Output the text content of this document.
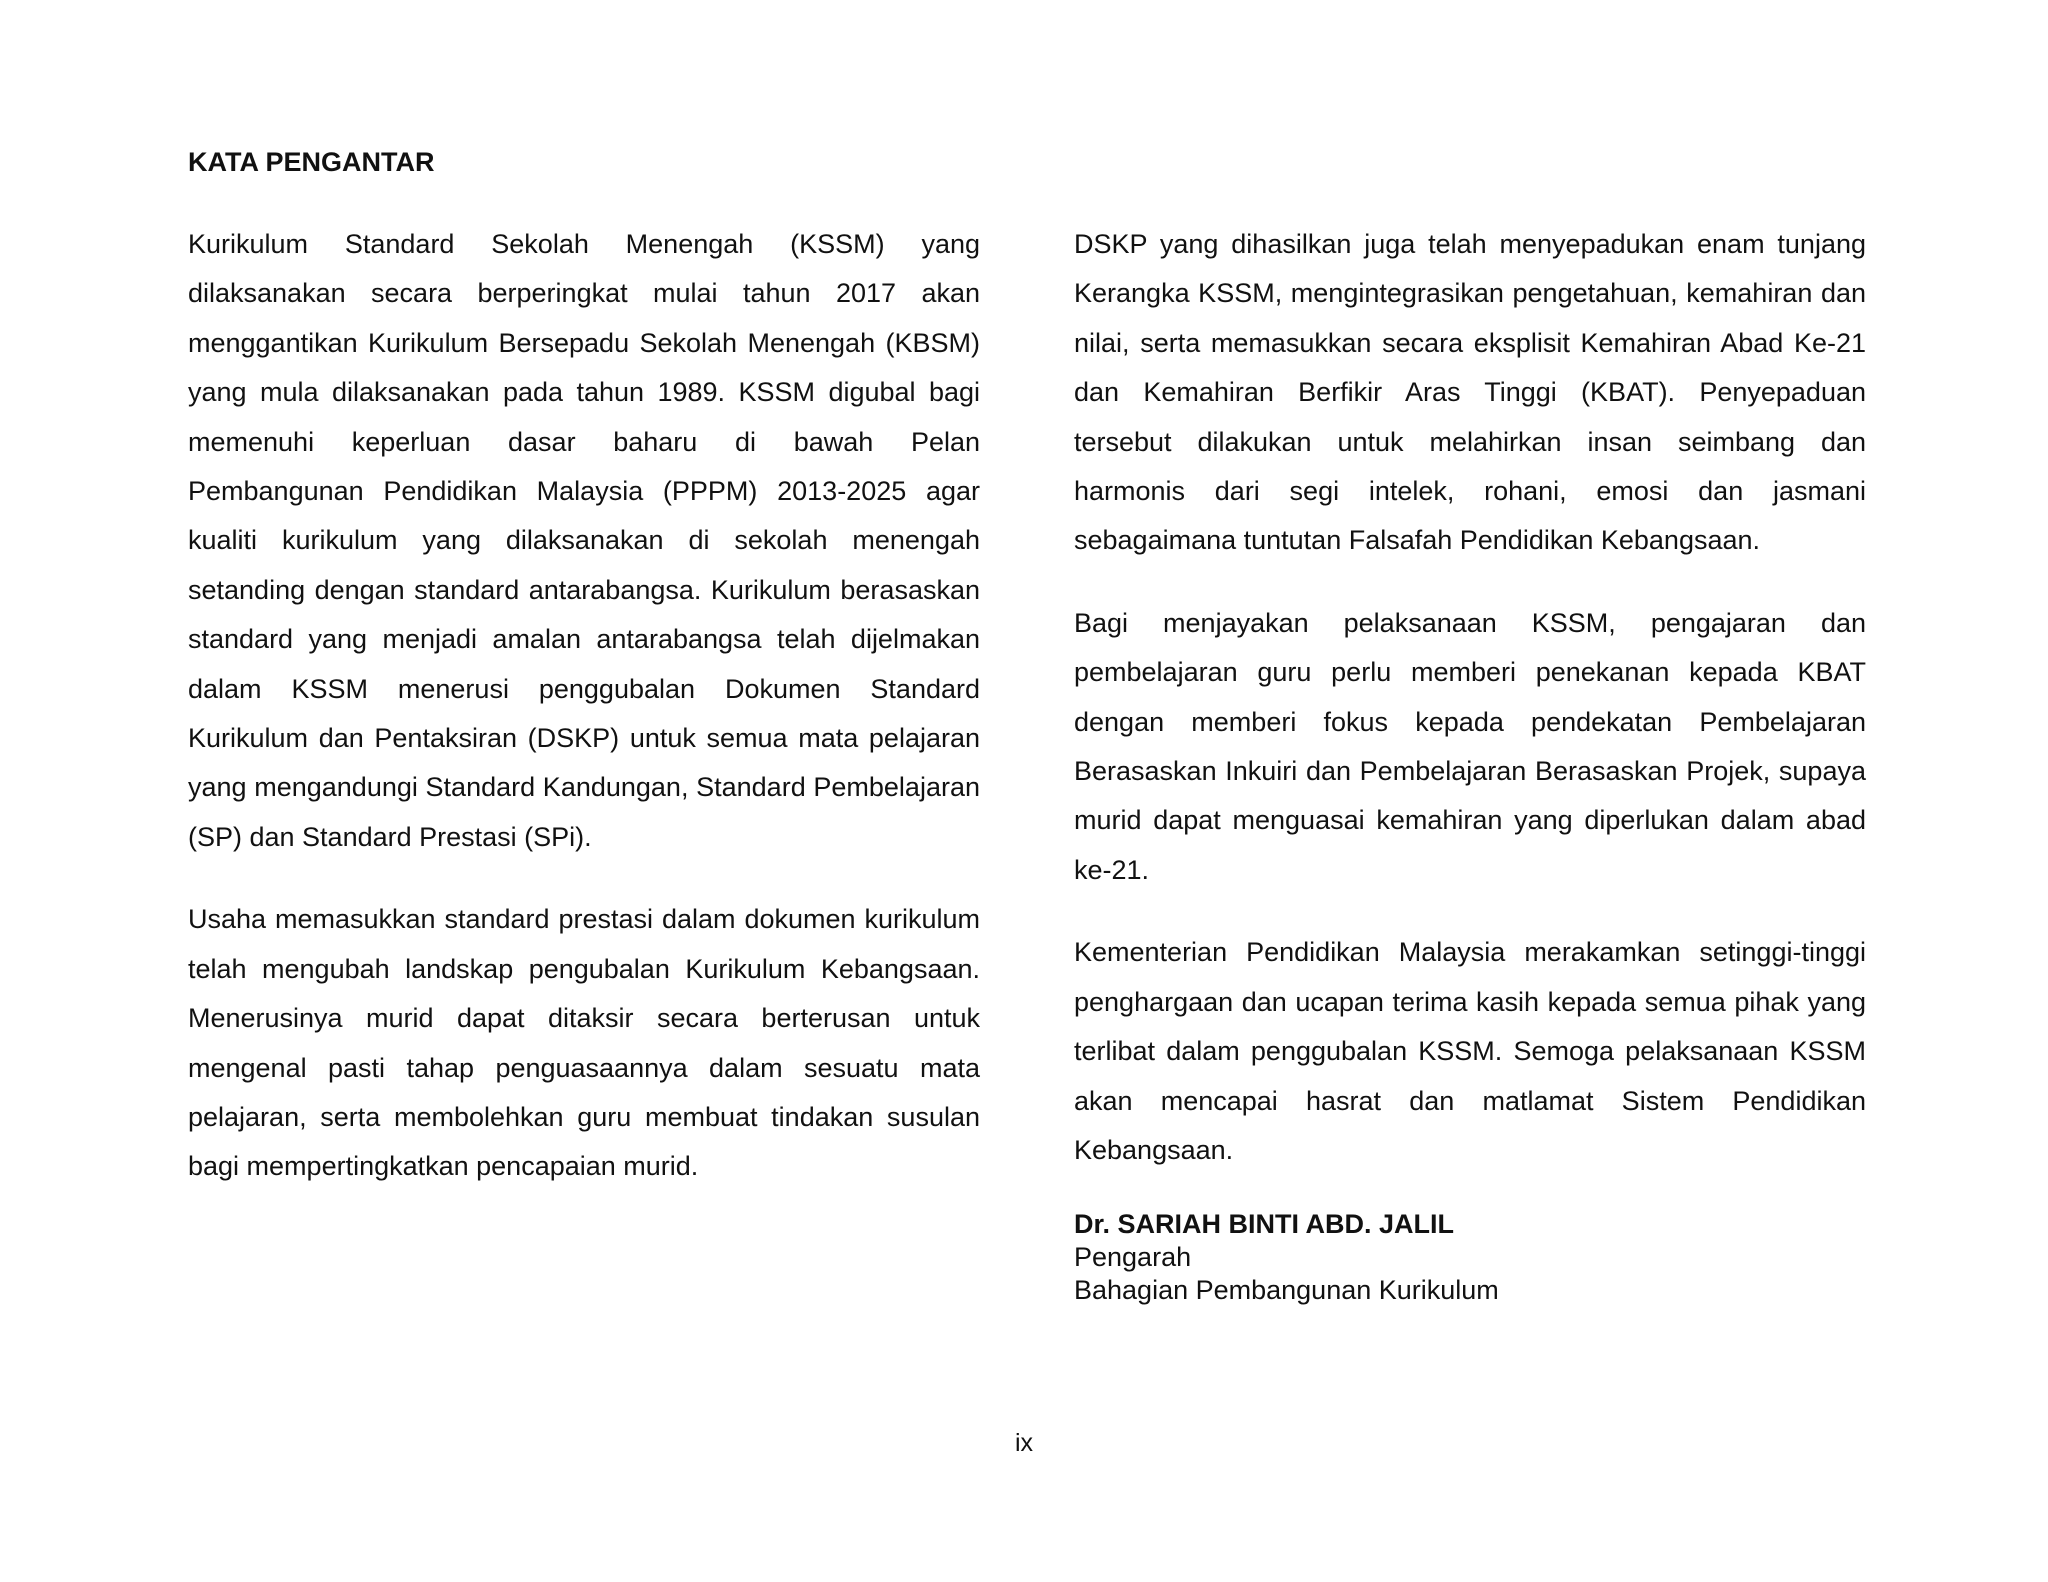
KATA PENGANTAR

Kurikulum Standard Sekolah Menengah (KSSM) yang dilaksanakan secara berperingkat mulai tahun 2017 akan menggantikan Kurikulum Bersepadu Sekolah Menengah (KBSM) yang mula dilaksanakan pada tahun 1989. KSSM digubal bagi memenuhi keperluan dasar baharu di bawah Pelan Pembangunan Pendidikan Malaysia (PPPM) 2013-2025 agar kualiti kurikulum yang dilaksanakan di sekolah menengah setanding dengan standard antarabangsa. Kurikulum berasaskan standard yang menjadi amalan antarabangsa telah dijelmakan dalam KSSM menerusi penggubalan Dokumen Standard Kurikulum dan Pentaksiran (DSKP) untuk semua mata pelajaran yang mengandungi Standard Kandungan, Standard Pembelajaran (SP) dan Standard Prestasi (SPi).

Usaha memasukkan standard prestasi dalam dokumen kurikulum telah mengubah landskap pengubalan Kurikulum Kebangsaan. Menerusinya murid dapat ditaksir secara berterusan untuk mengenal pasti tahap penguasaannya dalam sesuatu mata pelajaran, serta membolehkan guru membuat tindakan susulan bagi mempertingkatkan pencapaian murid.

DSKP yang dihasilkan juga telah menyepadukan enam tunjang Kerangka KSSM, mengintegrasikan pengetahuan, kemahiran dan nilai, serta memasukkan secara eksplisit Kemahiran Abad Ke-21 dan Kemahiran Berfikir Aras Tinggi (KBAT). Penyepaduan tersebut dilakukan untuk melahirkan insan seimbang dan harmonis dari segi intelek, rohani, emosi dan jasmani sebagaimana tuntutan Falsafah Pendidikan Kebangsaan.

Bagi menjayakan pelaksanaan KSSM, pengajaran dan pembelajaran guru perlu memberi penekanan kepada KBAT dengan memberi fokus kepada pendekatan Pembelajaran Berasaskan Inkuiri dan Pembelajaran Berasaskan Projek, supaya murid dapat menguasai kemahiran yang diperlukan dalam abad ke-21.

Kementerian Pendidikan Malaysia merakamkan setinggi-tinggi penghargaan dan ucapan terima kasih kepada semua pihak yang terlibat dalam penggubalan KSSM. Semoga pelaksanaan KSSM akan mencapai hasrat dan matlamat Sistem Pendidikan Kebangsaan.

Dr. SARIAH BINTI ABD. JALIL
Pengarah
Bahagian Pembangunan Kurikulum
ix
